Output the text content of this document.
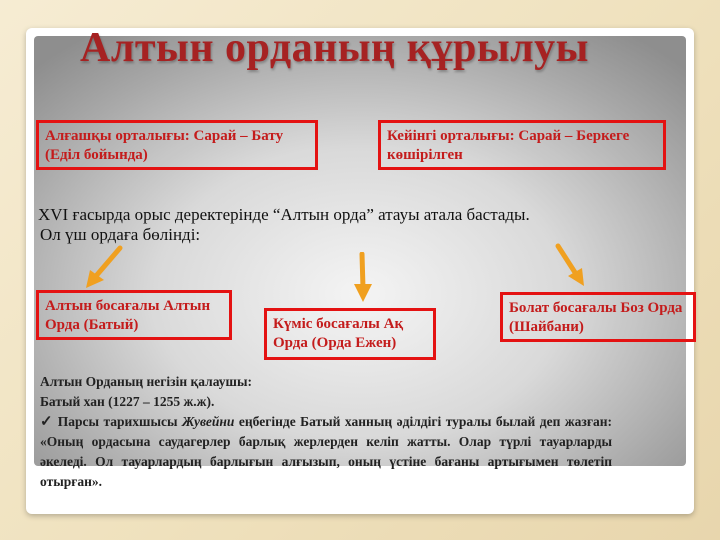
Алтын орданың құрылуы
Алғашқы орталығы: Сарай – Бату (Еділ бойында)
Кейінгі орталығы: Сарай – Беркеге көшірілген
XVI ғасырда орыс деректерінде “Алтын орда” атауы атала бастады.
Ол үш ордаға бөлінді:
Алтын босағалы Алтын Орда (Батый)	Күміс босағалы Ақ Орда (Орда Ежен)
Болат босағалы Боз Орда (Шайбани)
Алтын Орданың негізін қалаушы:
Батый хан (1227 – 1255 ж.ж).
✓ Парсы тарихшысы Жувейни еңбегінде Батый ханның әділдігі туралы былай деп жазған: «Оның ордасына саудагерлер барлық жерлерден келіп жатты. Олар түрлі тауарларды әкеледі. Ол тауарлардың барлығын алғызып, оның үстіне бағаны артығымен төлетіп отырған».
